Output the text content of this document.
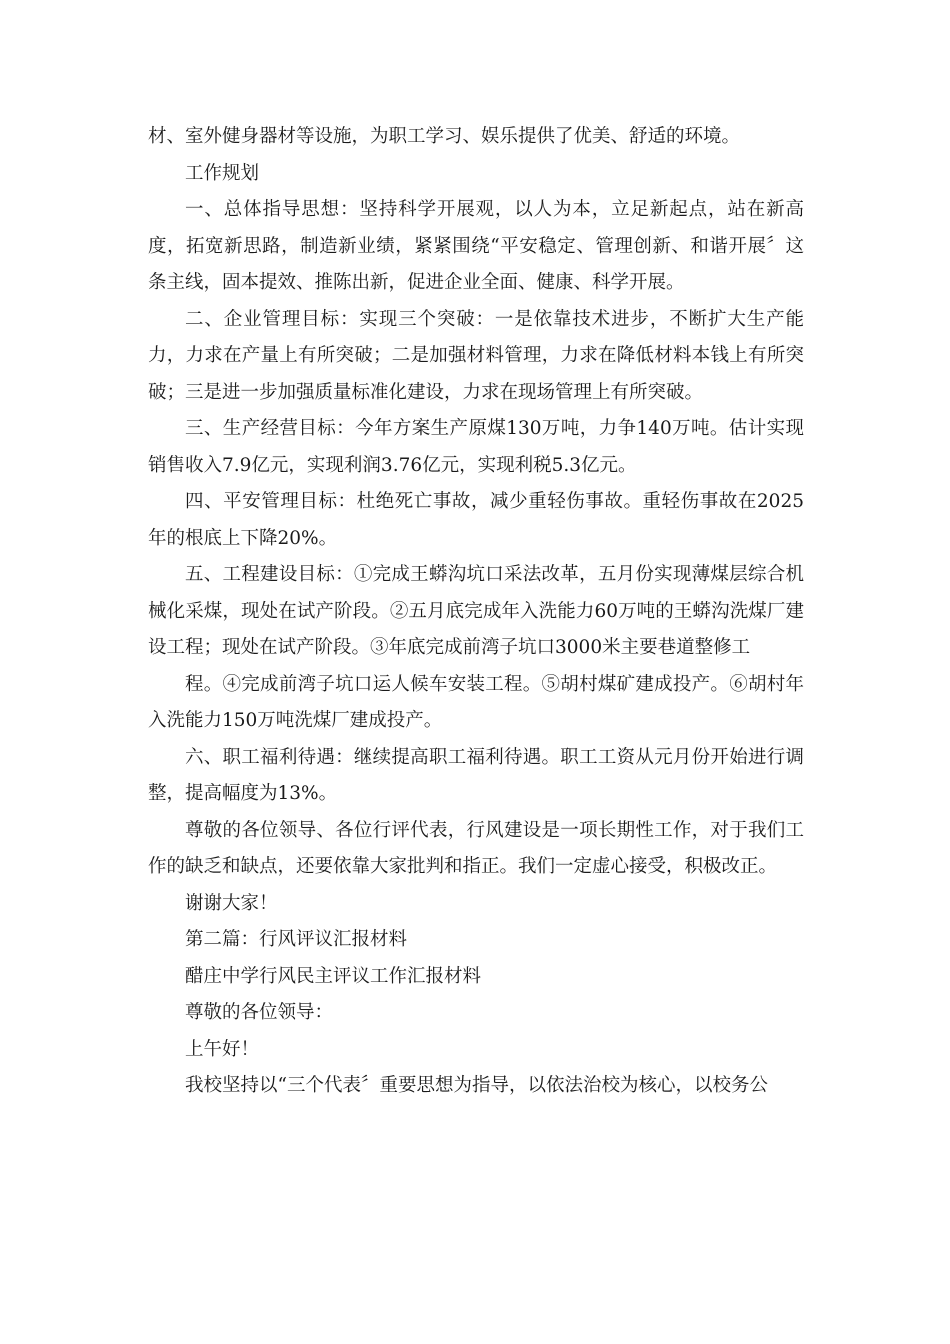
材、室外健身器材等设施，为职工学习、娱乐提供了优美、舒适的环境。

工作规划

一、总体指导思想：坚持科学开展观，以人为本，立足新起点，站在新高度，拓宽新思路，制造新业绩，紧紧围绕“平安稳定、管理创新、和谐开展〞这条主线，固本提效、推陈出新，促进企业全面、健康、科学开展。

二、企业管理目标：实现三个突破：一是依靠技术进步，不断扩大生产能力，力求在产量上有所突破；二是加强材料管理，力求在降低材料本钱上有所突破；三是进一步加强质量标准化建设，力求在现场管理上有所突破。

三、生产经营目标：今年方案生产原煤130万吨，力争140万吨。估计实现销售收入7.9亿元，实现利润3.76亿元，实现利税5.3亿元。

四、平安管理目标：杜绝死亡事故，减少重轻伤事故。重轻伤事故在2025年的根底上下降20%。

五、工程建设目标：①完成王蟒沟坑口采法改革，五月份实现薄煤层综合机械化采煤，现处在试产阶段。②五月底完成年入洗能力60万吨的王蟒沟洗煤厂建设工程；现处在试产阶段。③年底完成前湾子坑口3000米主要巷道整修工

程。④完成前湾子坑口运人候车安装工程。⑤胡村煤矿建成投产。⑥胡村年入洗能力150万吨洗煤厂建成投产。

六、职工福利待遇：继续提高职工福利待遇。职工工资从元月份开始进行调整，提高幅度为13%。

尊敬的各位领导、各位行评代表，行风建设是一项长期性工作，对于我们工作的缺乏和缺点，还要依靠大家批判和指正。我们一定虚心接受，积极改正。

谢谢大家！

第二篇：行风评议汇报材料

醋庄中学行风民主评议工作汇报材料

尊敬的各位领导：

上午好！

我校坚持以“三个代表〞重要思想为指导，以依法治校为核心，以校务公
